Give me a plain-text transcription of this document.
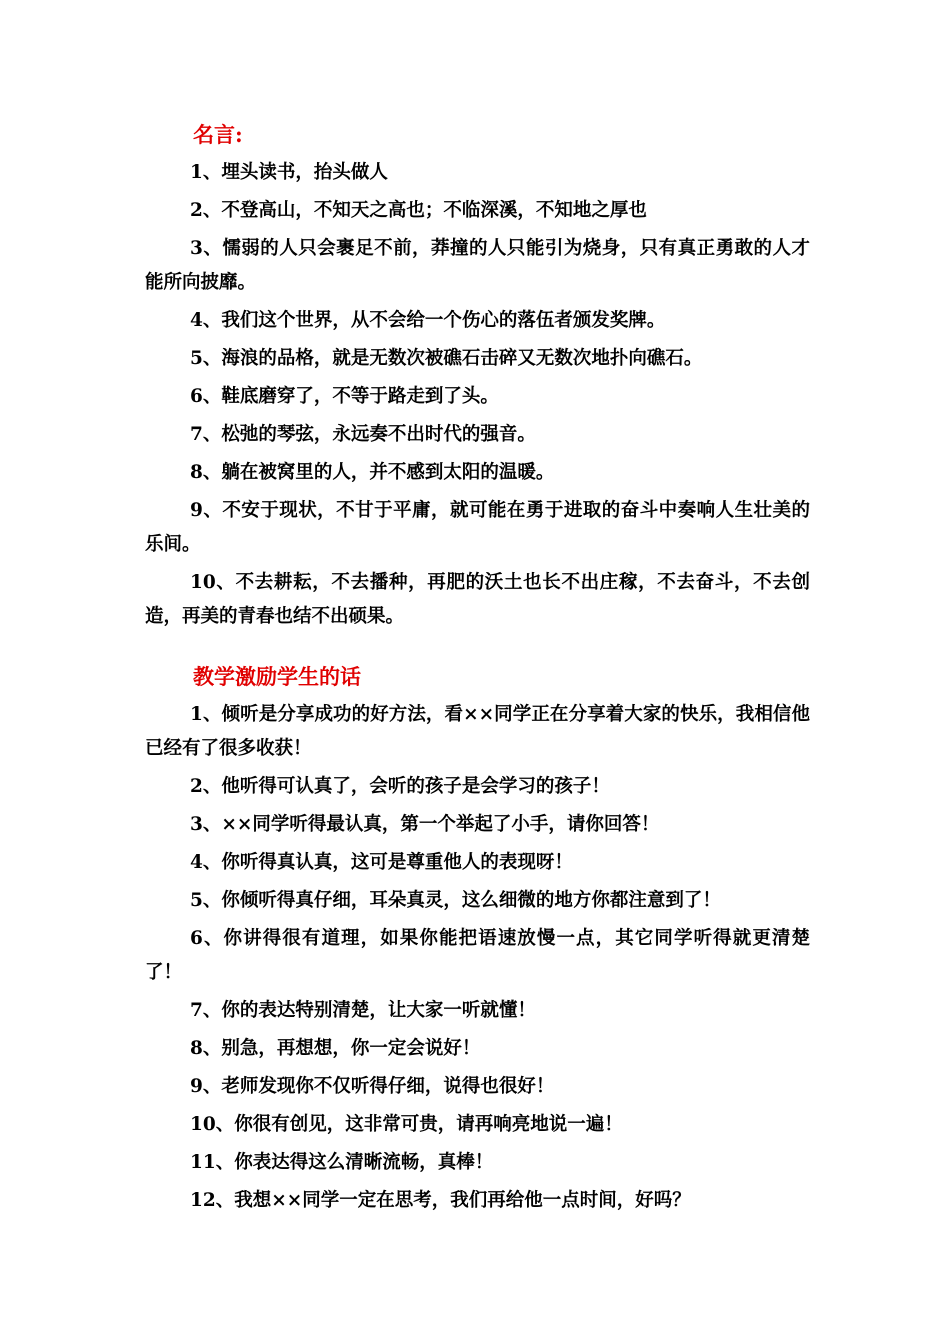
名言:

1、埋头读书，抬头做人

2、不登高山，不知天之高也；不临深溪，不知地之厚也

3、懦弱的人只会裹足不前，莽撞的人只能引为烧身，只有真正勇敢的人才能所向披靡。

4、我们这个世界，从不会给一个伤心的落伍者颁发奖牌。

5、海浪的品格，就是无数次被礁石击碎又无数次地扑向礁石。

6、鞋底磨穿了，不等于路走到了头。

7、松弛的琴弦，永远奏不出时代的强音。

8、躺在被窝里的人，并不感到太阳的温暖。

9、不安于现状，不甘于平庸，就可能在勇于进取的奋斗中奏响人生壮美的乐间。

10、不去耕耘，不去播种，再肥的沃土也长不出庄稼，不去奋斗，不去创造，再美的青春也结不出硕果。

教学激励学生的话

1、倾听是分享成功的好方法，看××同学正在分享着大家的快乐，我相信他已经有了很多收获！

2、他听得可认真了，会听的孩子是会学习的孩子！

3、××同学听得最认真，第一个举起了小手，请你回答！

4、你听得真认真，这可是尊重他人的表现呀！

5、你倾听得真仔细，耳朵真灵，这么细微的地方你都注意到了！

6、你讲得很有道理，如果你能把语速放慢一点，其它同学听得就更清楚了！

7、你的表达特别清楚，让大家一听就懂！

8、别急，再想想，你一定会说好！

9、老师发现你不仅听得仔细，说得也很好！

10、你很有创见，这非常可贵，请再响亮地说一遍！

11、你表达得这么清晰流畅，真棒！

12、我想××同学一定在思考，我们再给他一点时间，好吗？
